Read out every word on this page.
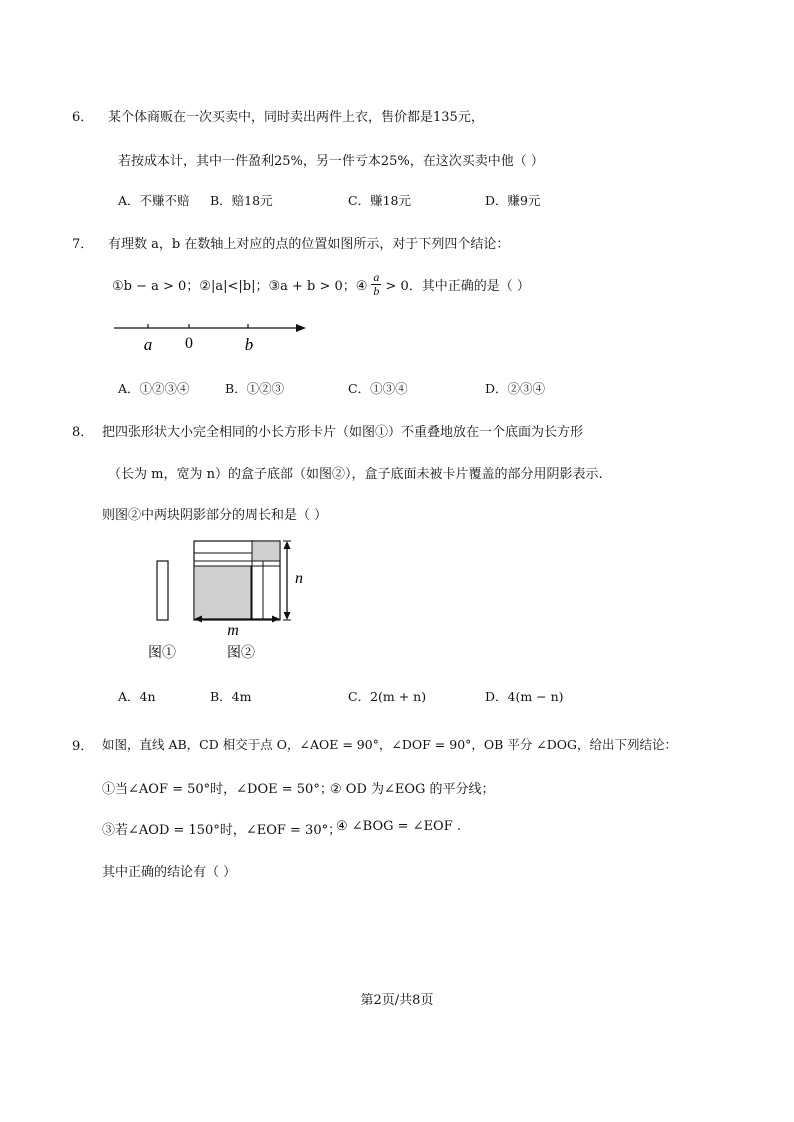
6． 某个体商贩在一次买卖中，同时卖出两件上衣，售价都是135元，
若按成本计，其中一件盈利25%，另一件亏本25%，在这次买卖中他（ ）
A．不赚不赔 B．赔18元	C．赚18元	D．赚9元
7． 有理数 a，b 在数轴上对应的点的位置如图所示，对于下列四个结论：
①b − a > 0；②|a|<|b|；③a + b > 0；④ $\frac{a}{b} > 0$．其中正确的是（ ）
a 0	b
A．①②③④	B．①②③	C．①③④	D．②③④
8． 把四张形状大小完全相同的小长方形卡片（如图①）不重叠地放在一个底面为长方形
（长为 m，宽为 n）的盒子底部（如图②），盒子底面未被卡片覆盖的部分用阴影表示.
则图②中两块阴影部分的周长和是（ ）
n
m
图①	图②
A．4n	B．4m	C．2(m + n)	D．4(m − n)
9． 如图，直线 AB，CD 相交于点 O，∠AOE = 90°，∠DOF = 90°，OB 平分 ∠DOG，给出下列结论：
①当∠AOF = 50°时，∠DOE = 50°；
② OD 为∠EOG 的平分线；
③若∠AOD = 150°时，∠EOF = 30°；
④ ∠BOG = ∠EOF .
其中正确的结论有（ ）
第2页/共8页
